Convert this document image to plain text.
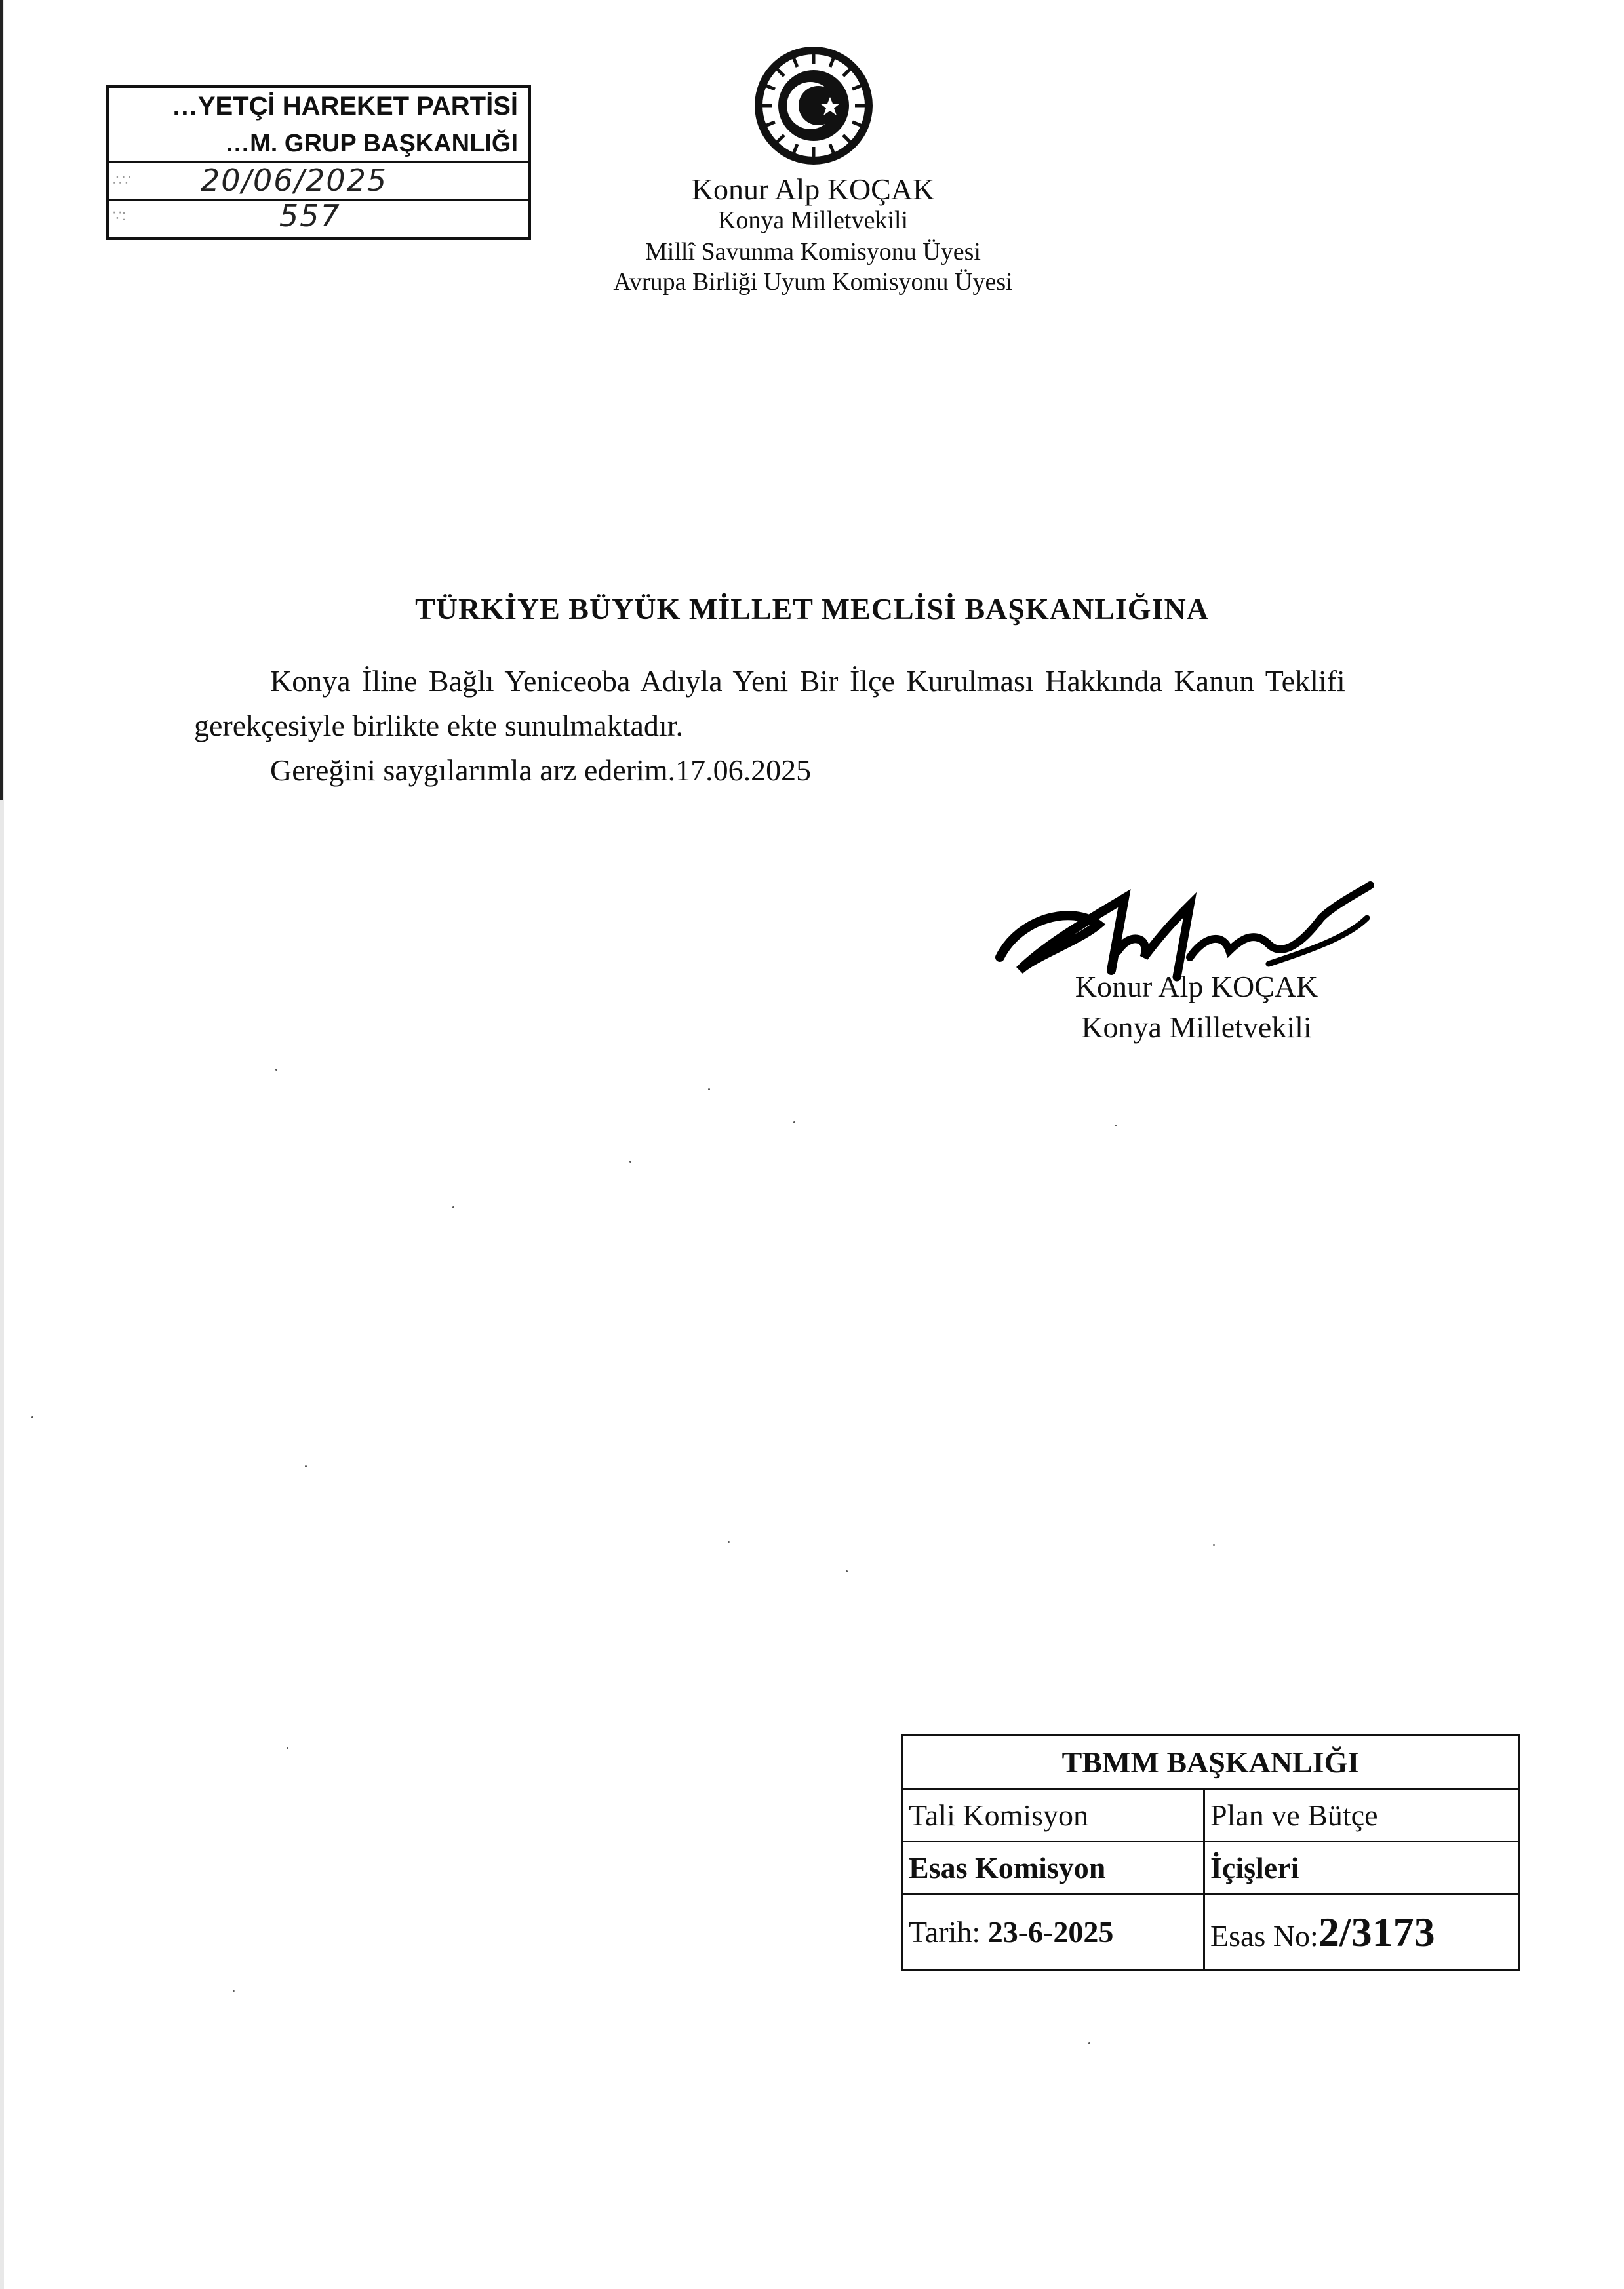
…YETÇİ HAREKET PARTİSİ
…M. GRUP BAŞKANLIĞI
∴∵ 20/06/2025
∵:	557
Konur Alp KOÇAK
Konya Milletvekili
Millî Savunma Komisyonu Üyesi
Avrupa Birliği Uyum Komisyonu Üyesi
TÜRKİYE BÜYÜK MİLLET MECLİSİ BAŞKANLIĞINA
Konya İline Bağlı Yeniceoba Adıyla Yeni Bir İlçe Kurulması Hakkında Kanun Teklifi
gerekçesiyle birlikte ekte sunulmaktadır.
Gereğini saygılarımla arz ederim.17.06.2025
Konur Alp KOÇAK
Konya Milletvekili
TBMM BAŞKANLIĞI	
Tali Komisyon	Plan ve Bütçe
Esas Komisyon	İçişleri
Tarih: 23-6-2025	Esas No:2/3173
